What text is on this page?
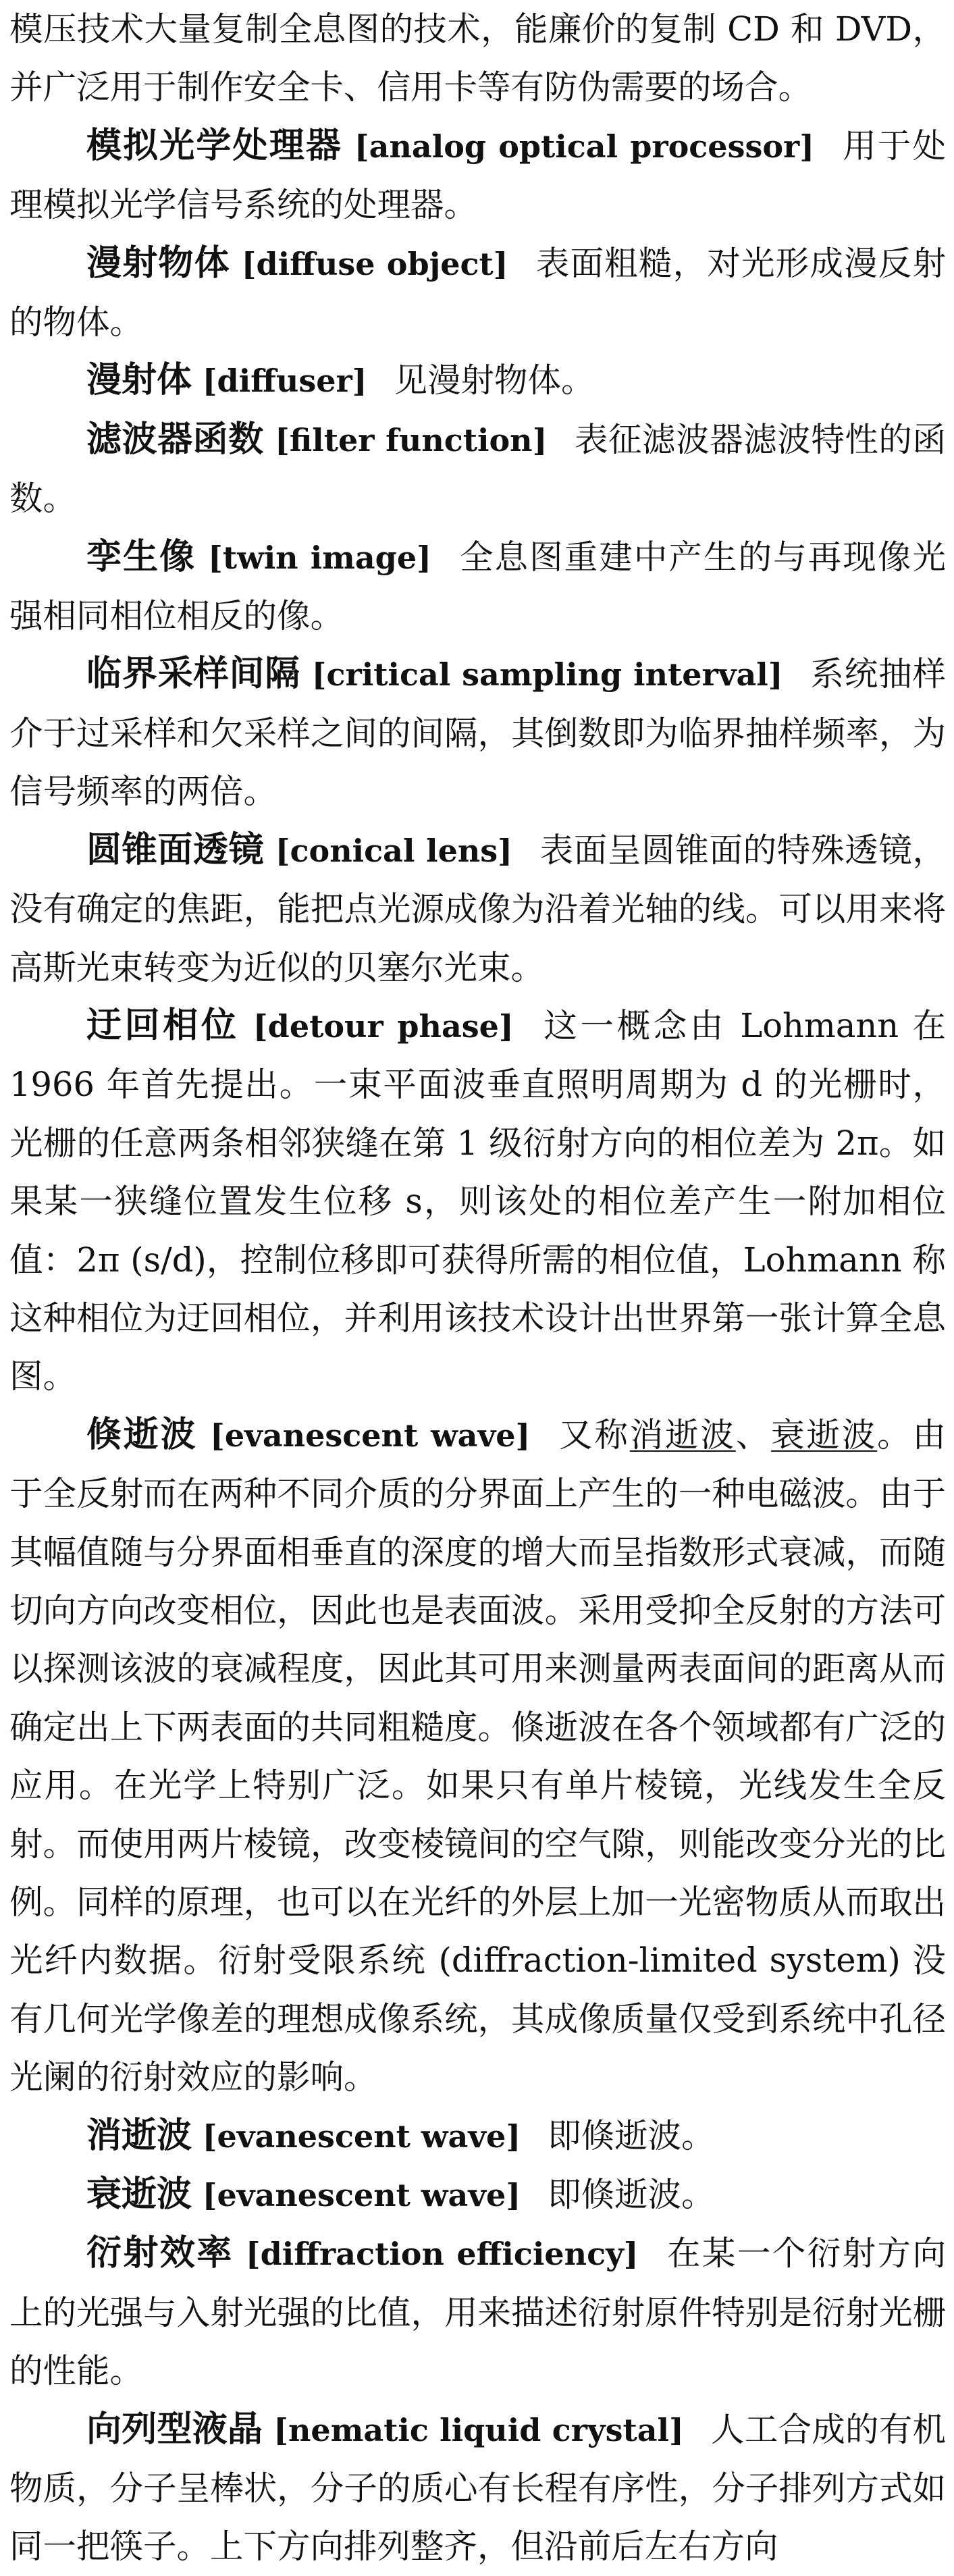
模压技术大量复制全息图的技术，能廉价的复制 CD 和 DVD，并广泛用于制作安全卡、信用卡等有防伪需要的场合。

模拟光学处理器 [analog optical processor] 用于处理模拟光学信号系统的处理器。

漫射物体 [diffuse object] 表面粗糙，对光形成漫反射的物体。

漫射体 [diffuser] 见漫射物体。

滤波器函数 [filter function] 表征滤波器滤波特性的函数。

孪生像 [twin image] 全息图重建中产生的与再现像光强相同相位相反的像。

临界采样间隔 [critical sampling interval] 系统抽样介于过采样和欠采样之间的间隔，其倒数即为临界抽样频率，为信号频率的两倍。

圆锥面透镜 [conical lens] 表面呈圆锥面的特殊透镜，没有确定的焦距，能把点光源成像为沿着光轴的线。可以用来将高斯光束转变为近似的贝塞尔光束。

迂回相位 [detour phase] 这一概念由 Lohmann 在 1966 年首先提出。一束平面波垂直照明周期为 d 的光栅时，光栅的任意两条相邻狭缝在第 1 级衍射方向的相位差为 2π。如果某一狭缝位置发生位移 s，则该处的相位差产生一附加相位值：2π (s/d)，控制位移即可获得所需的相位值，Lohmann 称这种相位为迂回相位，并利用该技术设计出世界第一张计算全息图。

倏逝波 [evanescent wave] 又称消逝波、衰逝波。由于全反射而在两种不同介质的分界面上产生的一种电磁波。由于其幅值随与分界面相垂直的深度的增大而呈指数形式衰减，而随切向方向改变相位，因此也是表面波。采用受抑全反射的方法可以探测该波的衰减程度，因此其可用来测量两表面间的距离从而确定出上下两表面的共同粗糙度。倏逝波在各个领域都有广泛的应用。在光学上特别广泛。如果只有单片棱镜，光线发生全反射。而使用两片棱镜，改变棱镜间的空气隙，则能改变分光的比例。同样的原理，也可以在光纤的外层上加一光密物质从而取出光纤内数据。衍射受限系统 (diffraction-limited system) 没有几何光学像差的理想成像系统，其成像质量仅受到系统中孔径光阑的衍射效应的影响。

消逝波 [evanescent wave] 即倏逝波。

衰逝波 [evanescent wave] 即倏逝波。

衍射效率 [diffraction efficiency] 在某一个衍射方向上的光强与入射光强的比值，用来描述衍射原件特别是衍射光栅的性能。

向列型液晶 [nematic liquid crystal] 人工合成的有机物质，分子呈棒状，分子的质心有长程有序性，分子排列方式如同一把筷子。上下方向排列整齐，但沿前后左右方向
